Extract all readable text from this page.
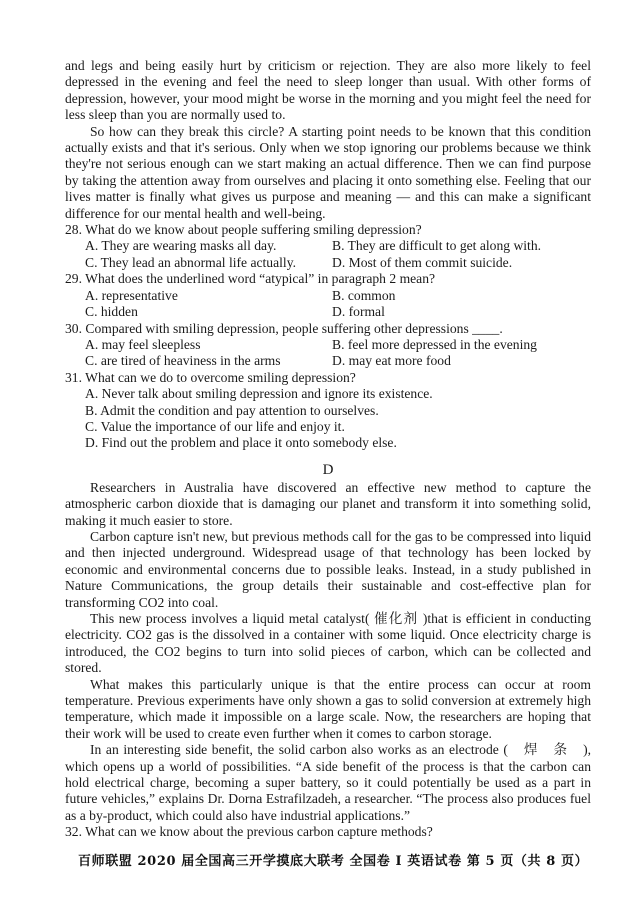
and legs and being easily hurt by criticism or rejection. They are also more likely to feel depressed in the evening and feel the need to sleep longer than usual. With other forms of depression, however, your mood might be worse in the morning and you might feel the need for less sleep than you are normally used to.

So how can they break this circle? A starting point needs to be known that this condition actually exists and that it's serious. Only when we stop ignoring our problems because we think they're not serious enough can we start making an actual difference. Then we can find purpose by taking the attention away from ourselves and placing it onto something else. Feeling that our lives matter is finally what gives us purpose and meaning — and this can make a significant difference for our mental health and well-being.

28. What do we know about people suffering smiling depression?

A. They are wearing masks all day.	B. They are difficult to get along with.
C. They lead an abnormal life actually.	D. Most of them commit suicide.

29. What does the underlined word “atypical” in paragraph 2 mean?

A. representative	B. common
C. hidden	D. formal

30. Compared with smiling depression, people suffering other depressions ____.

A. may feel sleepless	B. feel more depressed in the evening
C. are tired of heaviness in the arms	D. may eat more food

31. What can we do to overcome smiling depression?

A. Never talk about smiling depression and ignore its existence.
B. Admit the condition and pay attention to ourselves.
C. Value the importance of our life and enjoy it.
D. Find out the problem and place it onto somebody else.
D

Researchers in Australia have discovered an effective new method to capture the atmospheric carbon dioxide that is damaging our planet and transform it into something solid, making it much easier to store.

Carbon capture isn't new, but previous methods call for the gas to be compressed into liquid and then injected underground. Widespread usage of that technology has been locked by economic and environmental concerns due to possible leaks. Instead, in a study published in Nature Communications, the group details their sustainable and cost-effective plan for transforming CO2 into coal.

This new process involves a liquid metal catalyst( 催化剂 )that is efficient in conducting electricity. CO2 gas is the dissolved in a container with some liquid. Once electricity charge is introduced, the CO2 begins to turn into solid pieces of carbon, which can be collected and stored.

What makes this particularly unique is that the entire process can occur at room temperature. Previous experiments have only shown a gas to solid conversion at extremely high temperature, which made it impossible on a large scale. Now, the researchers are hoping that their work will be used to create even further when it comes to carbon storage.

In an interesting side benefit, the solid carbon also works as an electrode (　焊　条　), which opens up a world of possibilities. “A side benefit of the process is that the carbon can hold electrical charge, becoming a super battery, so it could potentially be used as a part in future vehicles,” explains Dr. Dorna Estrafilzadeh, a researcher. “The process also produces fuel as a by-product, which could also have industrial applications.”

32. What can we know about the previous carbon capture methods?

百师联盟 2020 届全国高三开学摸底大联考 全国卷 I 英语试卷 第 5 页（共 8 页）
